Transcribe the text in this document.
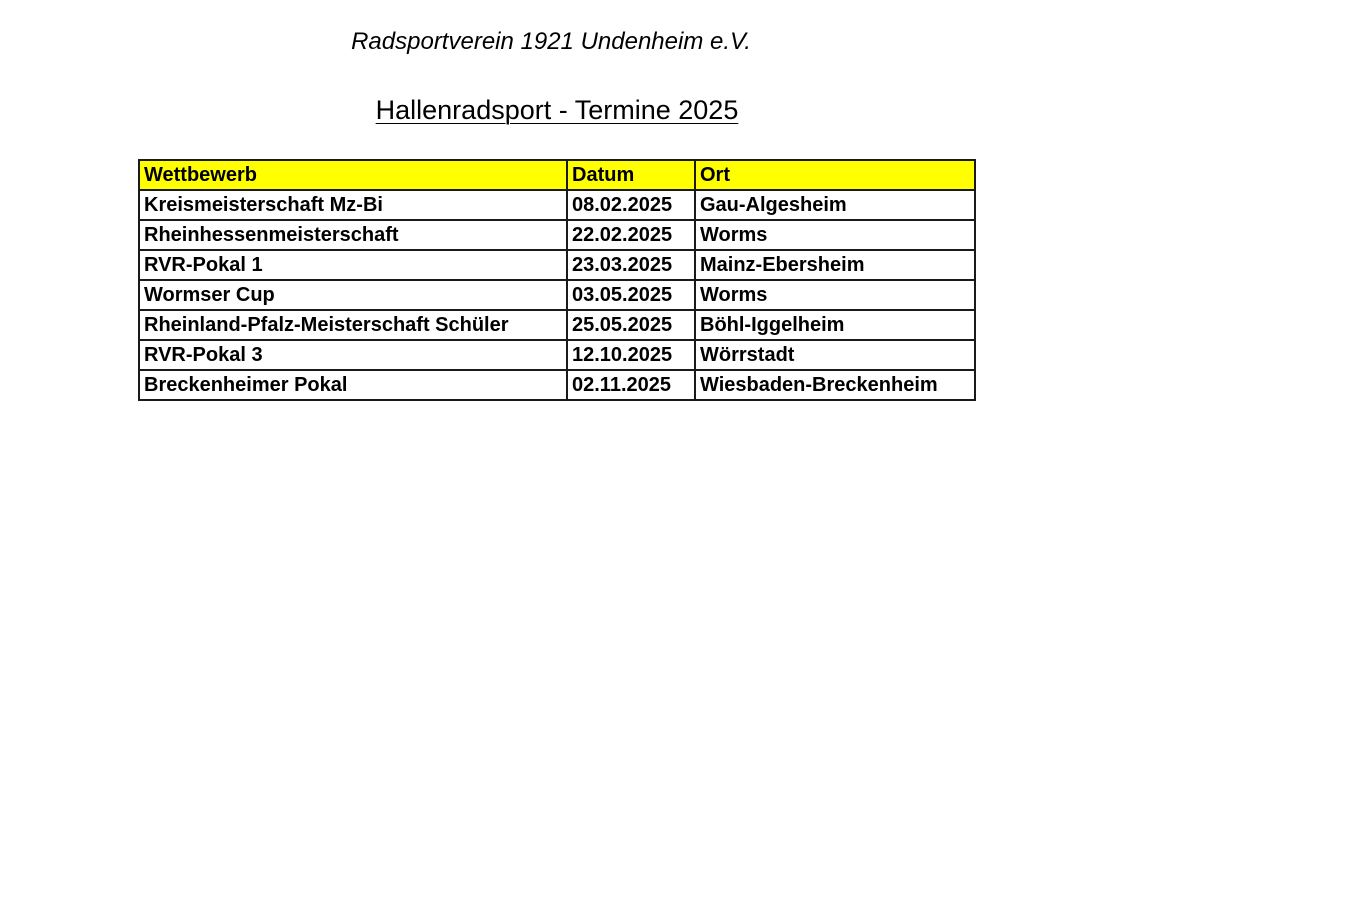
Radsportverein 1921 Undenheim e.V.
Hallenradsport - Termine 2025
Wettbewerb	Datum	Ort
Kreismeisterschaft Mz-Bi	08.02.2025	Gau-Algesheim
Rheinhessenmeisterschaft	22.02.2025	Worms
RVR-Pokal 1	23.03.2025	Mainz-Ebersheim
Wormser Cup	03.05.2025	Worms
Rheinland-Pfalz-Meisterschaft Schüler	25.05.2025	Böhl-Iggelheim
RVR-Pokal 3	12.10.2025	Wörrstadt
Breckenheimer Pokal	02.11.2025	Wiesbaden-Breckenheim
